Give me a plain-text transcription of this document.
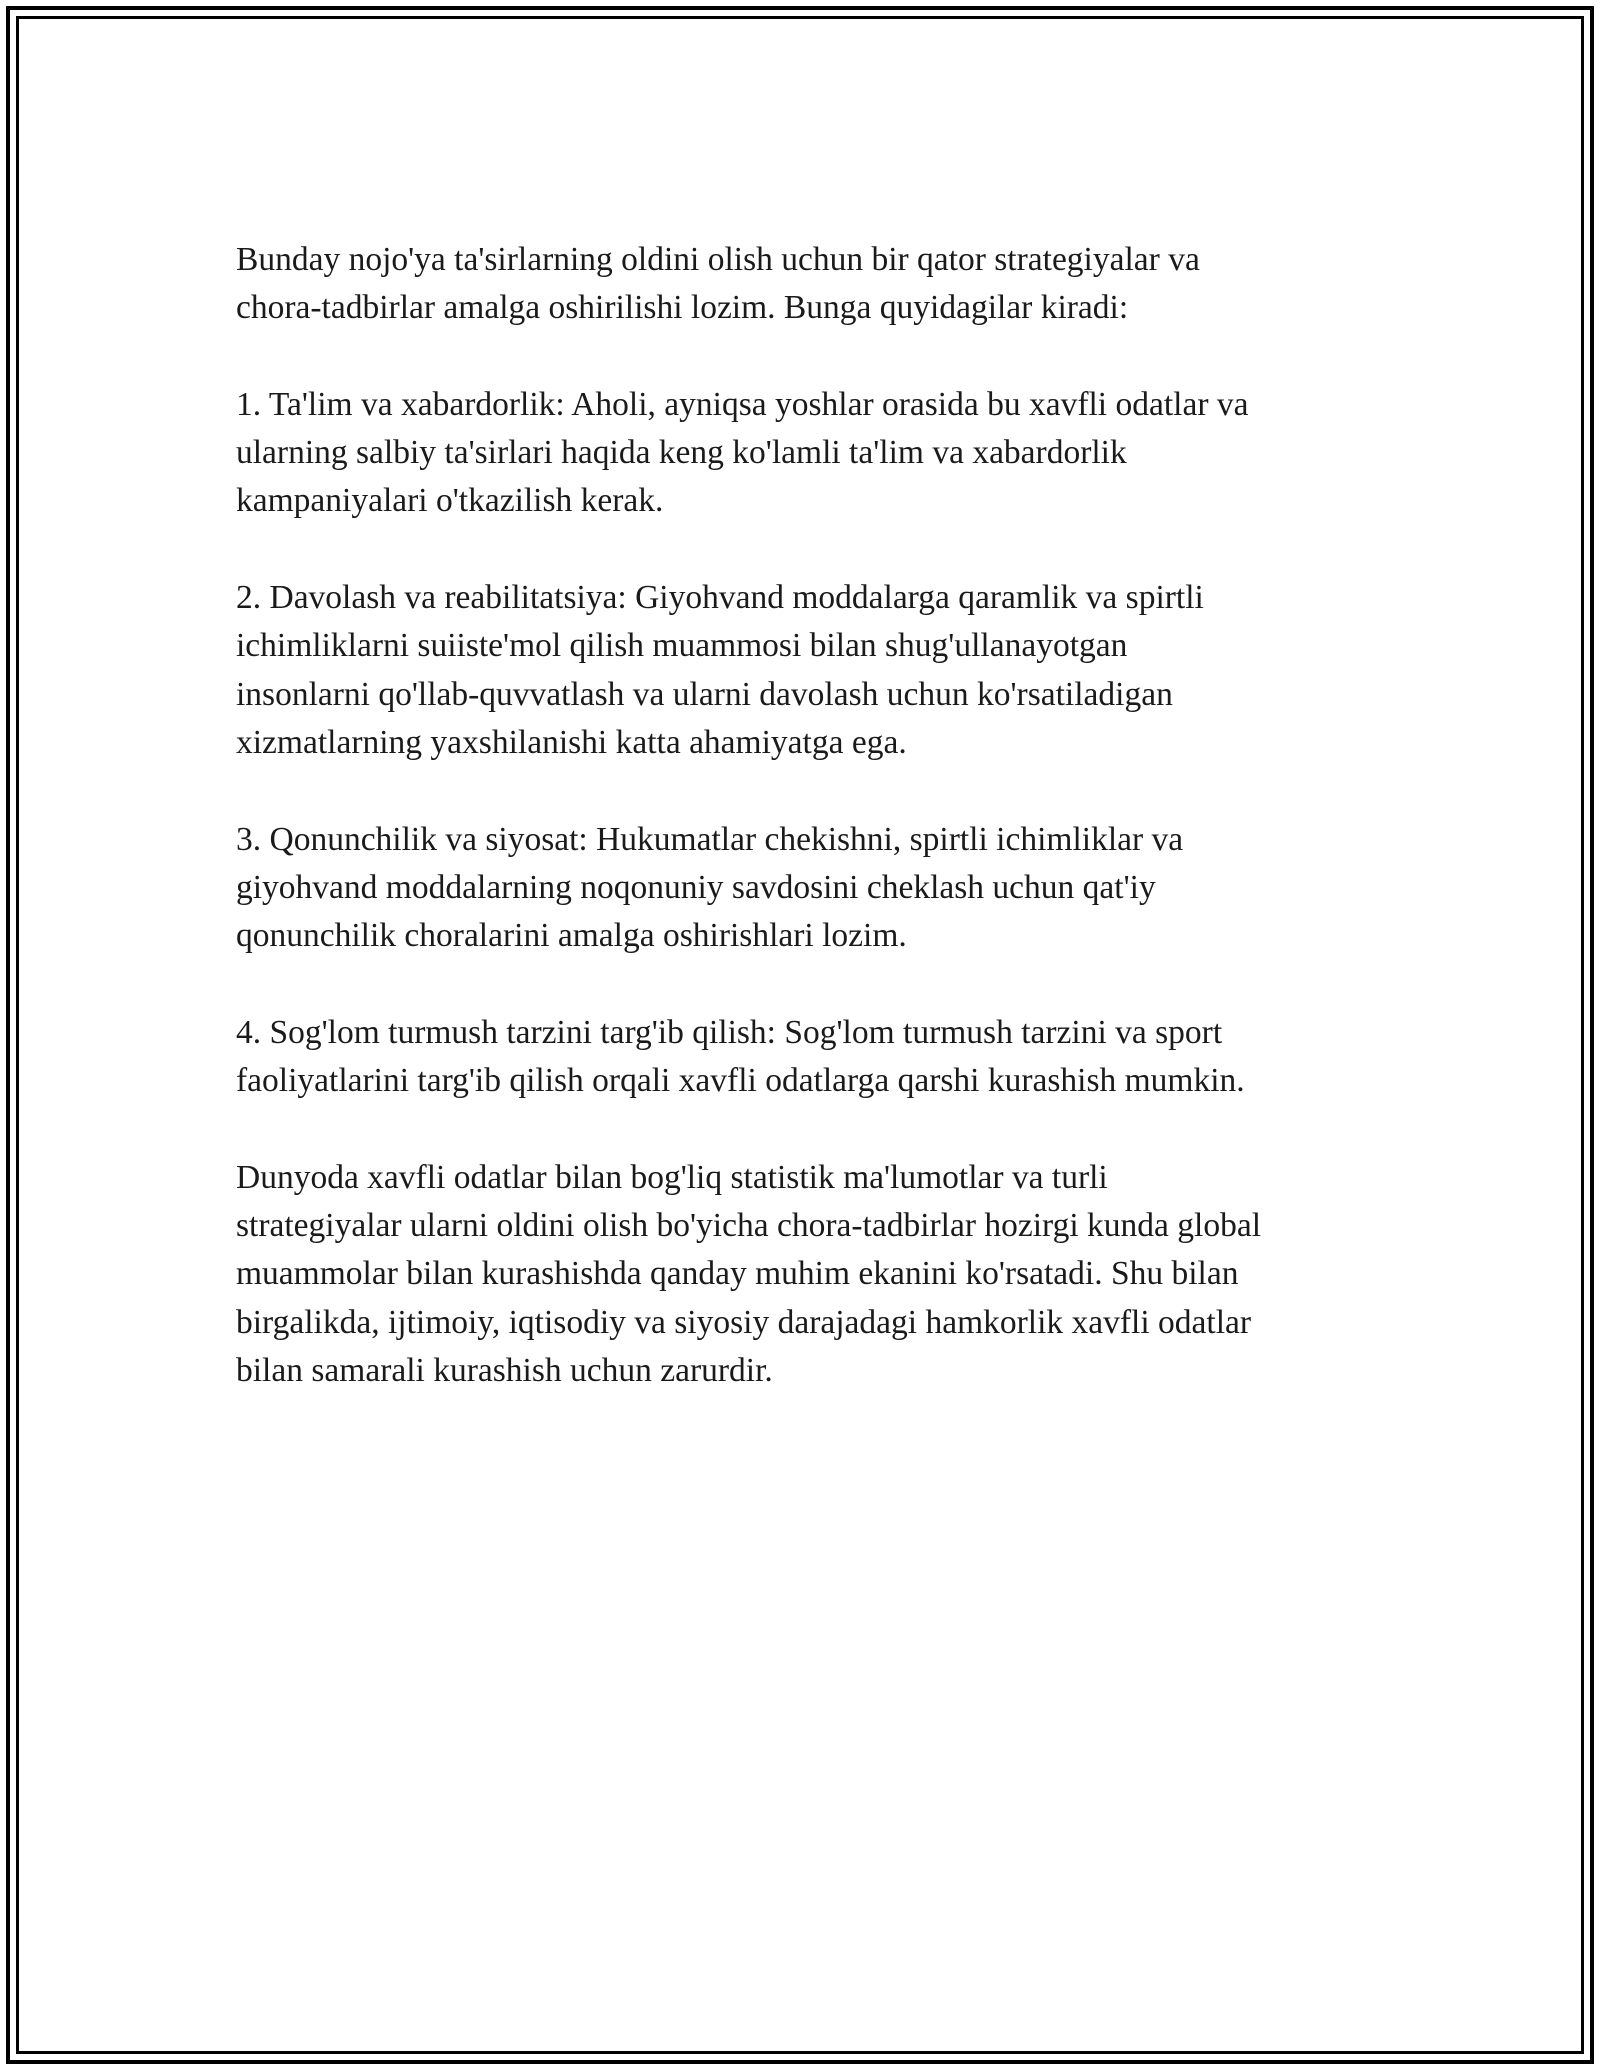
Bunday nojo'ya ta'sirlarning oldini olish uchun bir qator strategiyalar va
chora-tadbirlar amalga oshirilishi lozim. Bunga quyidagilar kiradi:

1. Ta'lim va xabardorlik: Aholi, ayniqsa yoshlar orasida bu xavfli odatlar va
ularning salbiy ta'sirlari haqida keng ko'lamli ta'lim va xabardorlik
kampaniyalari o'tkazilish kerak.

2. Davolash va reabilitatsiya: Giyohvand moddalarga qaramlik va spirtli
ichimliklarni suiiste'mol qilish muammosi bilan shug'ullanayotgan
insonlarni qo'llab-quvvatlash va ularni davolash uchun ko'rsatiladigan
xizmatlarning yaxshilanishi katta ahamiyatga ega.

3. Qonunchilik va siyosat: Hukumatlar chekishni, spirtli ichimliklar va
giyohvand moddalarning noqonuniy savdosini cheklash uchun qat'iy
qonunchilik choralarini amalga oshirishlari lozim.

4. Sog'lom turmush tarzini targ'ib qilish: Sog'lom turmush tarzini va sport
faoliyatlarini targ'ib qilish orqali xavfli odatlarga qarshi kurashish mumkin.

Dunyoda xavfli odatlar bilan bog'liq statistik ma'lumotlar va turli
strategiyalar ularni oldini olish bo'yicha chora-tadbirlar hozirgi kunda global
muammolar bilan kurashishda qanday muhim ekanini ko'rsatadi. Shu bilan
birgalikda, ijtimoiy, iqtisodiy va siyosiy darajadagi hamkorlik xavfli odatlar
bilan samarali kurashish uchun zarurdir.
